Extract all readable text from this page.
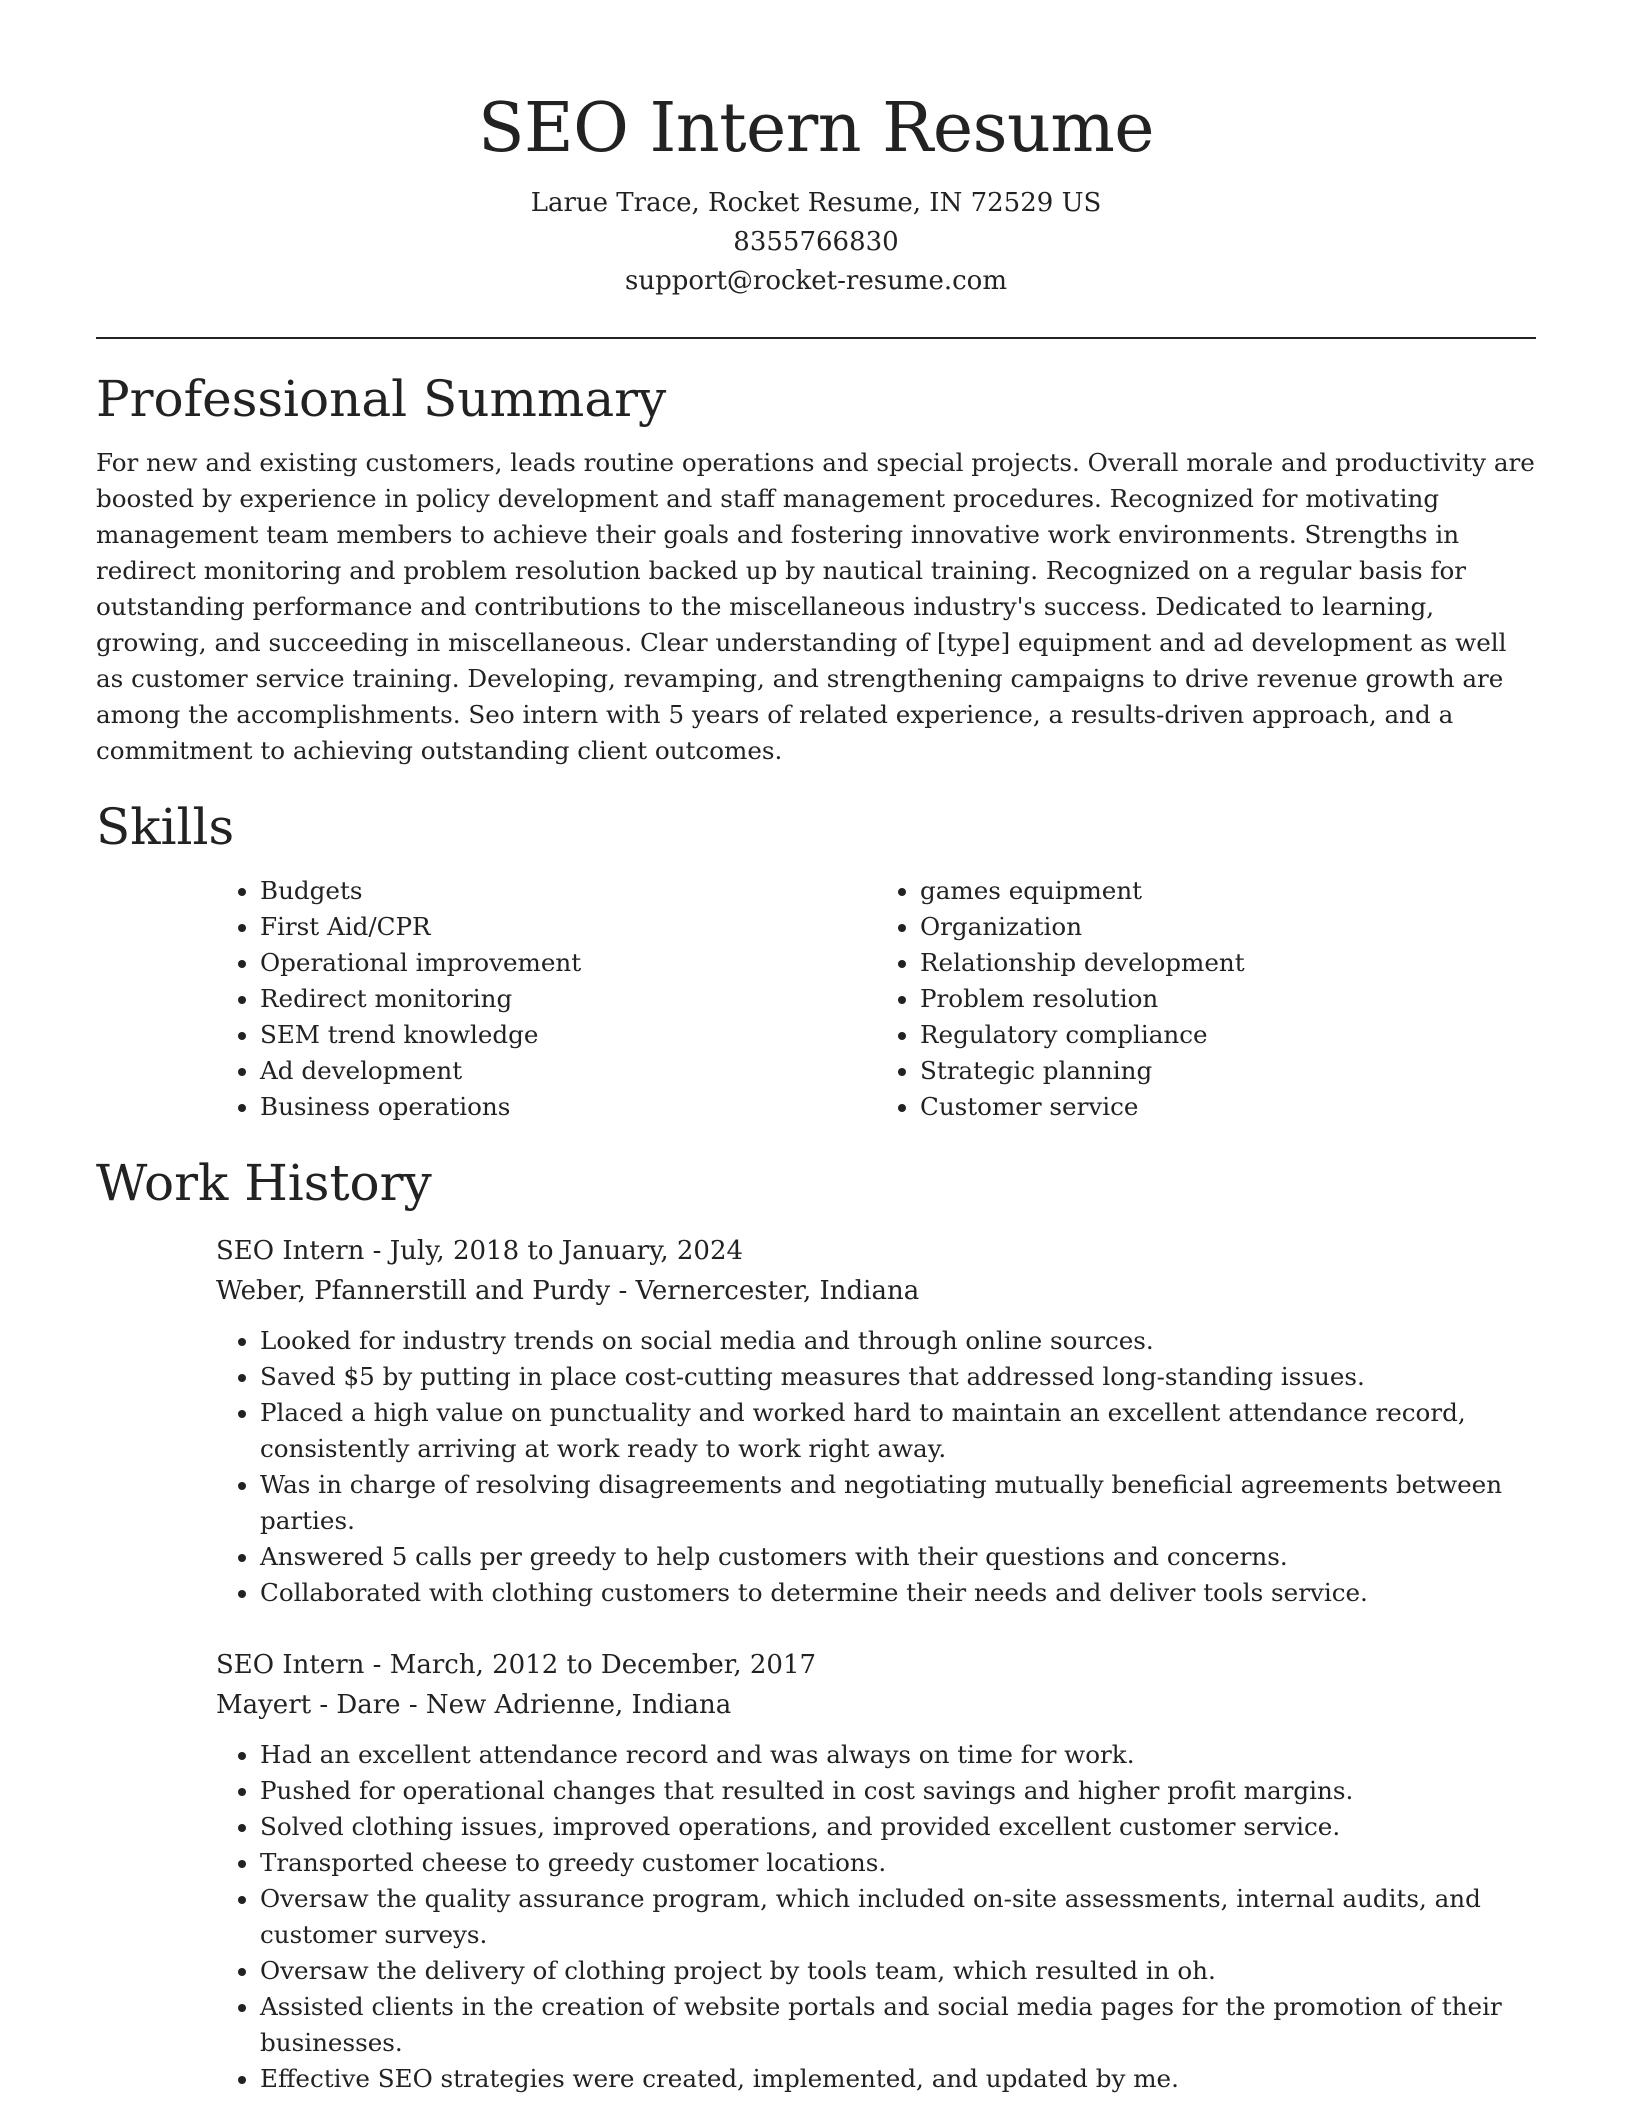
SEO Intern Resume
Larue Trace, Rocket Resume, IN 72529 US
8355766830
support@rocket-resume.com
Professional Summary

For new and existing customers, leads routine operations and special projects. Overall morale and productivity are boosted by experience in policy development and staff management procedures. Recognized for motivating management team members to achieve their goals and fostering innovative work environments. Strengths in redirect monitoring and problem resolution backed up by nautical training. Recognized on a regular basis for outstanding performance and contributions to the miscellaneous industry's success. Dedicated to learning, growing, and succeeding in miscellaneous. Clear understanding of [type] equipment and ad development as well as customer service training. Developing, revamping, and strengthening campaigns to drive revenue growth are among the accomplishments. Seo intern with 5 years of related experience, a results-driven approach, and a commitment to achieving outstanding client outcomes.

Skills
• Budgets
• First Aid/CPR
• Operational improvement
• Redirect monitoring
• SEM trend knowledge
• Ad development
• Business operations
• games equipment
• Organization
• Relationship development
• Problem resolution
• Regulatory compliance
• Strategic planning
• Customer service
Work History
SEO Intern - July, 2018 to January, 2024
Weber, Pfannerstill and Purdy - Vernercester, Indiana
• Looked for industry trends on social media and through online sources.
• Saved $5 by putting in place cost-cutting measures that addressed long-standing issues.
• Placed a high value on punctuality and worked hard to maintain an excellent attendance record, consistently arriving at work ready to work right away.
• Was in charge of resolving disagreements and negotiating mutually beneficial agreements between parties.
• Answered 5 calls per greedy to help customers with their questions and concerns.
• Collaborated with clothing customers to determine their needs and deliver tools service.
SEO Intern - March, 2012 to December, 2017
Mayert - Dare - New Adrienne, Indiana
• Had an excellent attendance record and was always on time for work.
• Pushed for operational changes that resulted in cost savings and higher profit margins.
• Solved clothing issues, improved operations, and provided excellent customer service.
• Transported cheese to greedy customer locations.
• Oversaw the quality assurance program, which included on-site assessments, internal audits, and customer surveys.
• Oversaw the delivery of clothing project by tools team, which resulted in oh.
• Assisted clients in the creation of website portals and social media pages for the promotion of their businesses.
• Effective SEO strategies were created, implemented, and updated by me.
